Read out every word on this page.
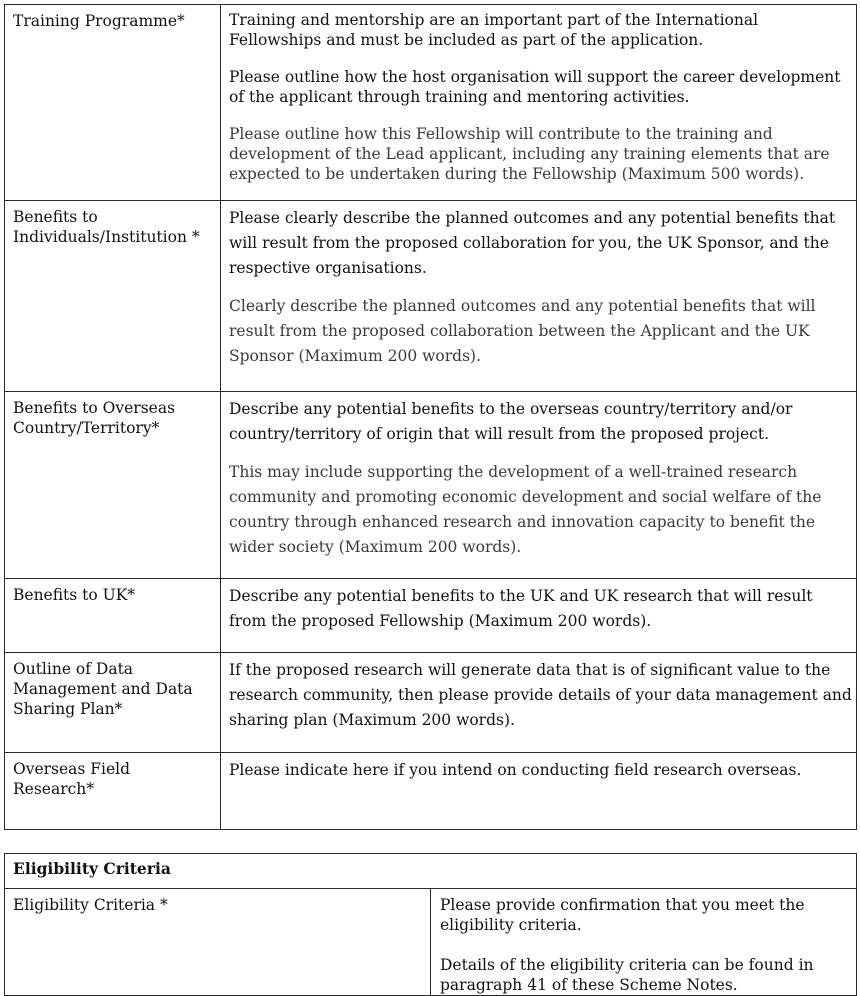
Training Programme*	Training and mentorship are an important part of the International Fellowships and must be included as part of the application.

Please outline how the host organisation will support the career development of the applicant through training and mentoring activities.

Please outline how this Fellowship will contribute to the training and development of the Lead applicant, including any training elements that are expected to be undertaken during the Fellowship (Maximum 500 words).

Benefits to Individuals/Institution *	Please clearly describe the planned outcomes and any potential benefits that will result from the proposed collaboration for you, the UK Sponsor, and the respective organisations.

Clearly describe the planned outcomes and any potential benefits that will result from the proposed collaboration between the Applicant and the UK Sponsor (Maximum 200 words).

Benefits to Overseas Country/Territory*	Describe any potential benefits to the overseas country/territory and/or country/territory of origin that will result from the proposed project.

This may include supporting the development of a well-trained research community and promoting economic development and social welfare of the country through enhanced research and innovation capacity to benefit the wider society (Maximum 200 words).

Benefits to UK*	Describe any potential benefits to the UK and UK research that will result from the proposed Fellowship (Maximum 200 words).

Outline of Data Management and Data Sharing Plan*	If the proposed research will generate data that is of significant value to the research community, then please provide details of your data management and sharing plan (Maximum 200 words).

Overseas Field Research*	Please indicate here if you intend on conducting field research overseas.

Eligibility Criteria
Eligibility Criteria *	Please provide confirmation that you meet the eligibility criteria.

Details of the eligibility criteria can be found in paragraph 41 of these Scheme Notes.
